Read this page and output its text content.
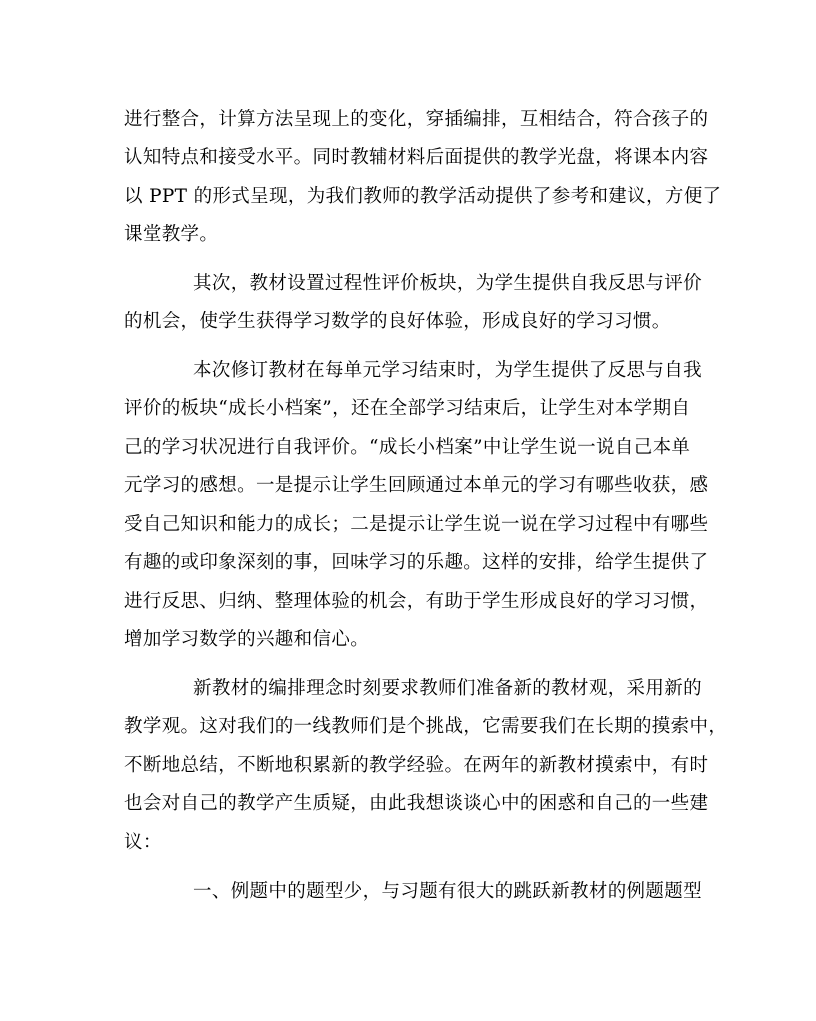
进行整合，计算方法呈现上的变化，穿插编排，互相结合，符合孩子的
认知特点和接受水平。同时教辅材料后面提供的教学光盘，将课本内容
以 PPT 的形式呈现，为我们教师的教学活动提供了参考和建议，方便了
课堂教学。
其次，教材设置过程性评价板块，为学生提供自我反思与评价
的机会，使学生获得学习数学的良好体验，形成良好的学习习惯。
本次修订教材在每单元学习结束时，为学生提供了反思与自我
评价的板块“成长小档案”，还在全部学习结束后，让学生对本学期自
己的学习状况进行自我评价。“成长小档案”中让学生说一说自己本单
元学习的感想。一是提示让学生回顾通过本单元的学习有哪些收获，感
受自己知识和能力的成长；二是提示让学生说一说在学习过程中有哪些
有趣的或印象深刻的事，回味学习的乐趣。这样的安排，给学生提供了
进行反思、归纳、整理体验的机会，有助于学生形成良好的学习习惯，
增加学习数学的兴趣和信心。
新教材的编排理念时刻要求教师们准备新的教材观，采用新的
教学观。这对我们的一线教师们是个挑战，它需要我们在长期的摸索中，
不断地总结，不断地积累新的教学经验。在两年的新教材摸索中，有时
也会对自己的教学产生质疑，由此我想谈谈心中的困惑和自己的一些建
议：
一、例题中的题型少，与习题有很大的跳跃新教材的例题题型
